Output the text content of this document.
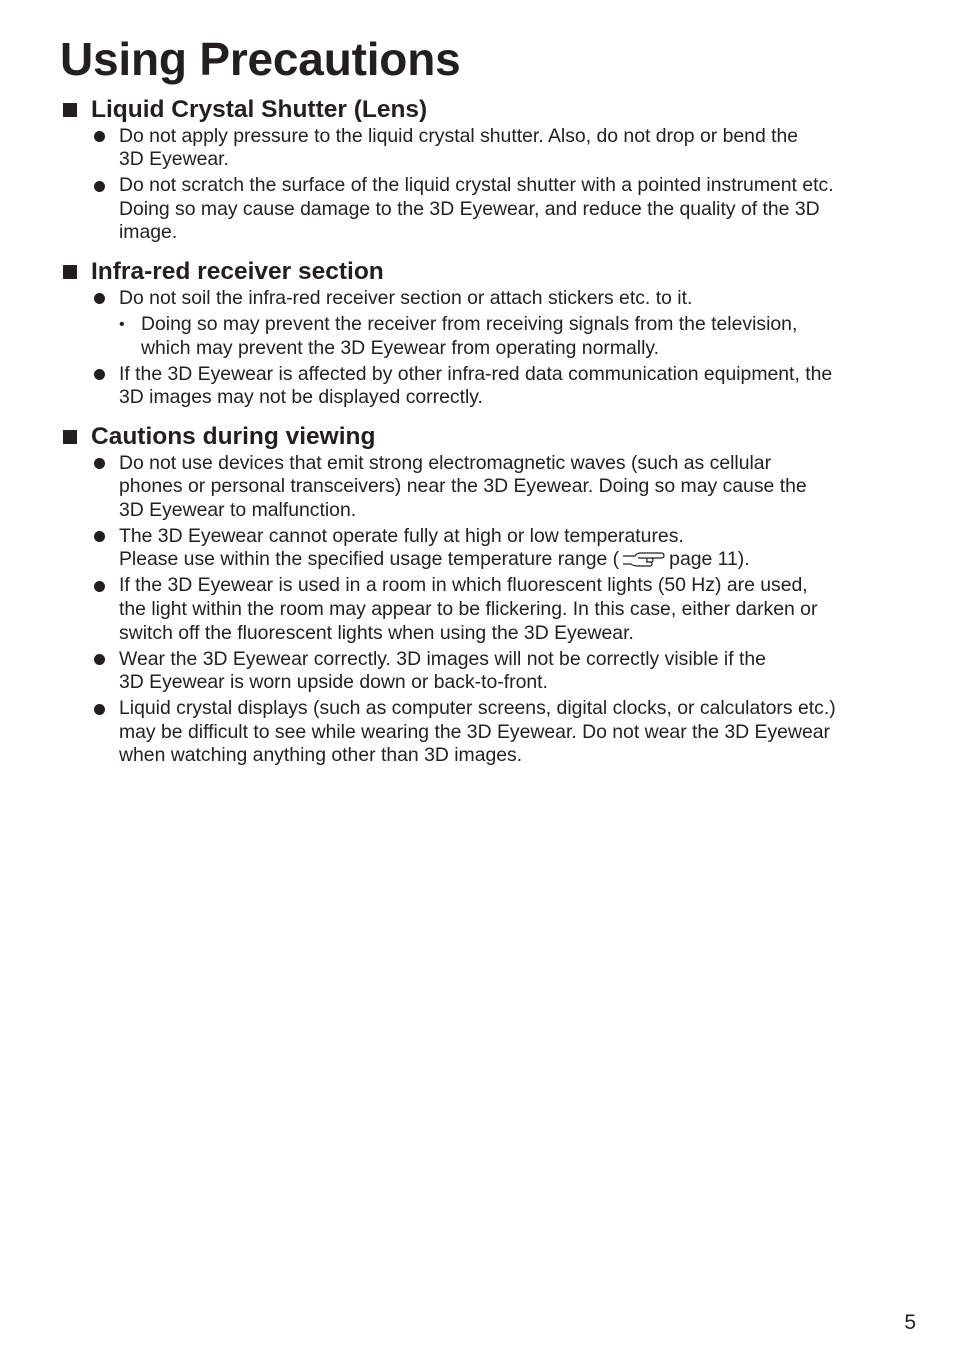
Using Precautions
Liquid Crystal Shutter (Lens)
Do not apply pressure to the liquid crystal shutter. Also, do not drop or bend the
3D Eyewear.
Do not scratch the surface of the liquid crystal shutter with a pointed instrument etc.
Doing so may cause damage to the 3D Eyewear, and reduce the quality of the 3D
image.
Infra-red receiver section
Do not soil the infra-red receiver section or attach stickers etc. to it.
• Doing so may prevent the receiver from receiving signals from the television,
which may prevent the 3D Eyewear from operating normally.
If the 3D Eyewear is affected by other infra-red data communication equipment, the
3D images may not be displayed correctly.
Cautions during viewing
Do not use devices that emit strong electromagnetic waves (such as cellular
phones or personal transceivers) near the 3D Eyewear. Doing so may cause the
3D Eyewear to malfunction.
The 3D Eyewear cannot operate fully at high or low temperatures.
Please use within the specified usage temperature range (	page 11).
If the 3D Eyewear is used in a room in which fluorescent lights (50 Hz) are used,
the light within the room may appear to be flickering. In this case, either darken or
switch off the fluorescent lights when using the 3D Eyewear.
Wear the 3D Eyewear correctly. 3D images will not be correctly visible if the
3D Eyewear is worn upside down or back-to-front.
Liquid crystal displays (such as computer screens, digital clocks, or calculators etc.)
may be difficult to see while wearing the 3D Eyewear. Do not wear the 3D Eyewear
when watching anything other than 3D images.
5
